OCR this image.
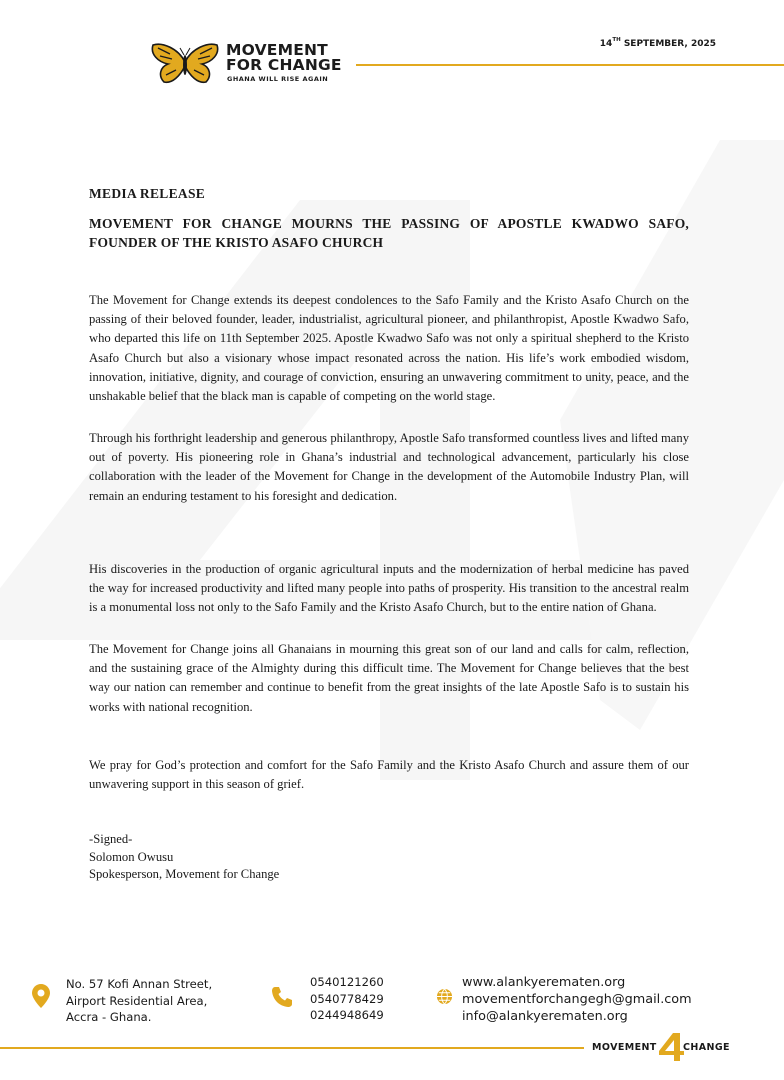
MOVEMENT
FOR CHANGE
GHANA WILL RISE AGAIN
14TH SEPTEMBER, 2025

MEDIA RELEASE

MOVEMENT FOR CHANGE MOURNS THE PASSING OF APOSTLE KWADWO SAFO, FOUNDER OF THE KRISTO ASAFO CHURCH

The Movement for Change extends its deepest condolences to the Safo Family and the Kristo Asafo Church on the passing of their beloved founder, leader, industrialist, agricultural pioneer, and philanthropist, Apostle Kwadwo Safo, who departed this life on 11th September 2025. Apostle Kwadwo Safo was not only a spiritual shepherd to the Kristo Asafo Church but also a visionary whose impact resonated across the nation. His life’s work embodied wisdom, innovation, initiative, dignity, and courage of conviction, ensuring an unwavering commitment to unity, peace, and the unshakable belief that the black man is capable of competing on the world stage.

Through his forthright leadership and generous philanthropy, Apostle Safo transformed countless lives and lifted many out of poverty. His pioneering role in Ghana’s industrial and technological advancement, particularly his close collaboration with the leader of the Movement for Change in the development of the Automobile Industry Plan, will remain an enduring testament to his foresight and dedication.

His discoveries in the production of organic agricultural inputs and the modernization of herbal medicine has paved the way for increased productivity and lifted many people into paths of prosperity. His transition to the ancestral realm is a monumental loss not only to the Safo Family and the Kristo Asafo Church, but to the entire nation of Ghana.

The Movement for Change joins all Ghanaians in mourning this great son of our land and calls for calm, reflection, and the sustaining grace of the Almighty during this difficult time. The Movement for Change believes that the best way our nation can remember and continue to benefit from the great insights of the late Apostle Safo is to sustain his works with national recognition.

We pray for God’s protection and comfort for the Safo Family and the Kristo Asafo Church and assure them of our unwavering support in this season of grief.

-Signed-
Solomon Owusu
Spokesperson, Movement for Change
No. 57 Kofi Annan Street,
Airport Residential Area,
Accra - Ghana.
0540121260
0540778429
0244948649
www.alankyerematen.org
movementforchangegh@gmail.com
info@alankyerematen.org
MOVEMENT	CHANGE
